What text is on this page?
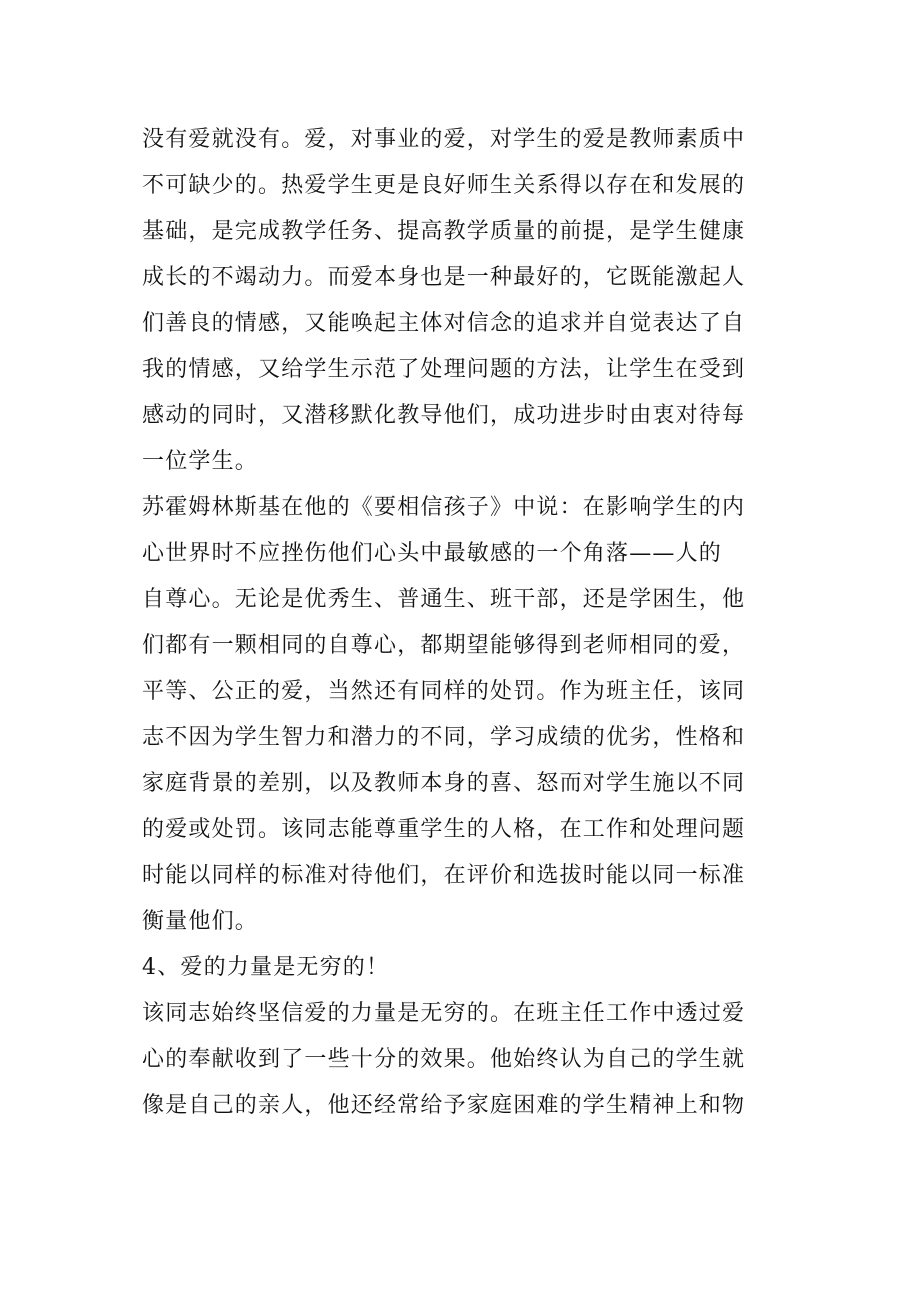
没有爱就没有。爱，对事业的爱，对学生的爱是教师素质中
不可缺少的。热爱学生更是良好师生关系得以存在和发展的
基础，是完成教学任务、提高教学质量的前提，是学生健康
成长的不竭动力。而爱本身也是一种最好的，它既能激起人
们善良的情感，又能唤起主体对信念的追求并自觉表达了自
我的情感，又给学生示范了处理问题的方法，让学生在受到
感动的同时，又潜移默化教导他们，成功进步时由衷对待每
一位学生。
苏霍姆林斯基在他的《要相信孩子》中说：在影响学生的内
心世界时不应挫伤他们心头中最敏感的一个角落——人的
自尊心。无论是优秀生、普通生、班干部，还是学困生，他
们都有一颗相同的自尊心，都期望能够得到老师相同的爱，
平等、公正的爱，当然还有同样的处罚。作为班主任，该同
志不因为学生智力和潜力的不同，学习成绩的优劣，性格和
家庭背景的差别，以及教师本身的喜、怒而对学生施以不同
的爱或处罚。该同志能尊重学生的人格，在工作和处理问题
时能以同样的标准对待他们，在评价和选拔时能以同一标准
衡量他们。
4、爱的力量是无穷的！
该同志始终坚信爱的力量是无穷的。在班主任工作中透过爱
心的奉献收到了一些十分的效果。他始终认为自己的学生就
像是自己的亲人，他还经常给予家庭困难的学生精神上和物
